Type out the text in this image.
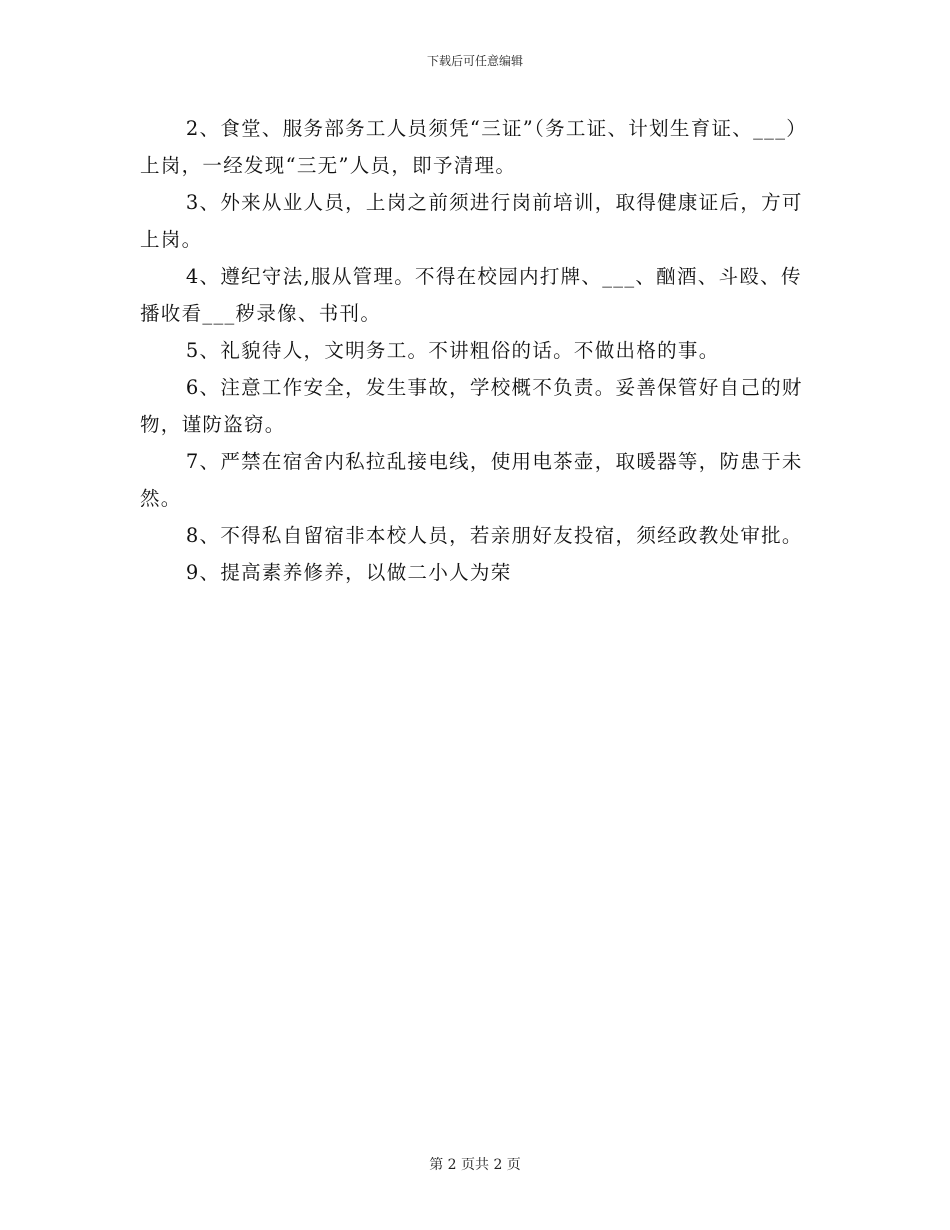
下载后可任意编辑

2、食堂、服务部务工人员须凭“三证”（务工证、计划生育证、___）上岗，一经发现“三无”人员，即予清理。

3、外来从业人员，上岗之前须进行岗前培训，取得健康证后，方可上岗。

4、遵纪守法,服从管理。不得在校园内打牌、___、酗酒、斗殴、传播收看___秽录像、书刊。

5、礼貌待人，文明务工。不讲粗俗的话。不做出格的事。

6、注意工作安全，发生事故，学校概不负责。妥善保管好自己的财物，谨防盗窃。

7、严禁在宿舍内私拉乱接电线，使用电茶壶，取暖器等，防患于未然。

8、不得私自留宿非本校人员，若亲朋好友投宿，须经政教处审批。

9、提高素养修养，以做二小人为荣

第 2 页共 2 页
